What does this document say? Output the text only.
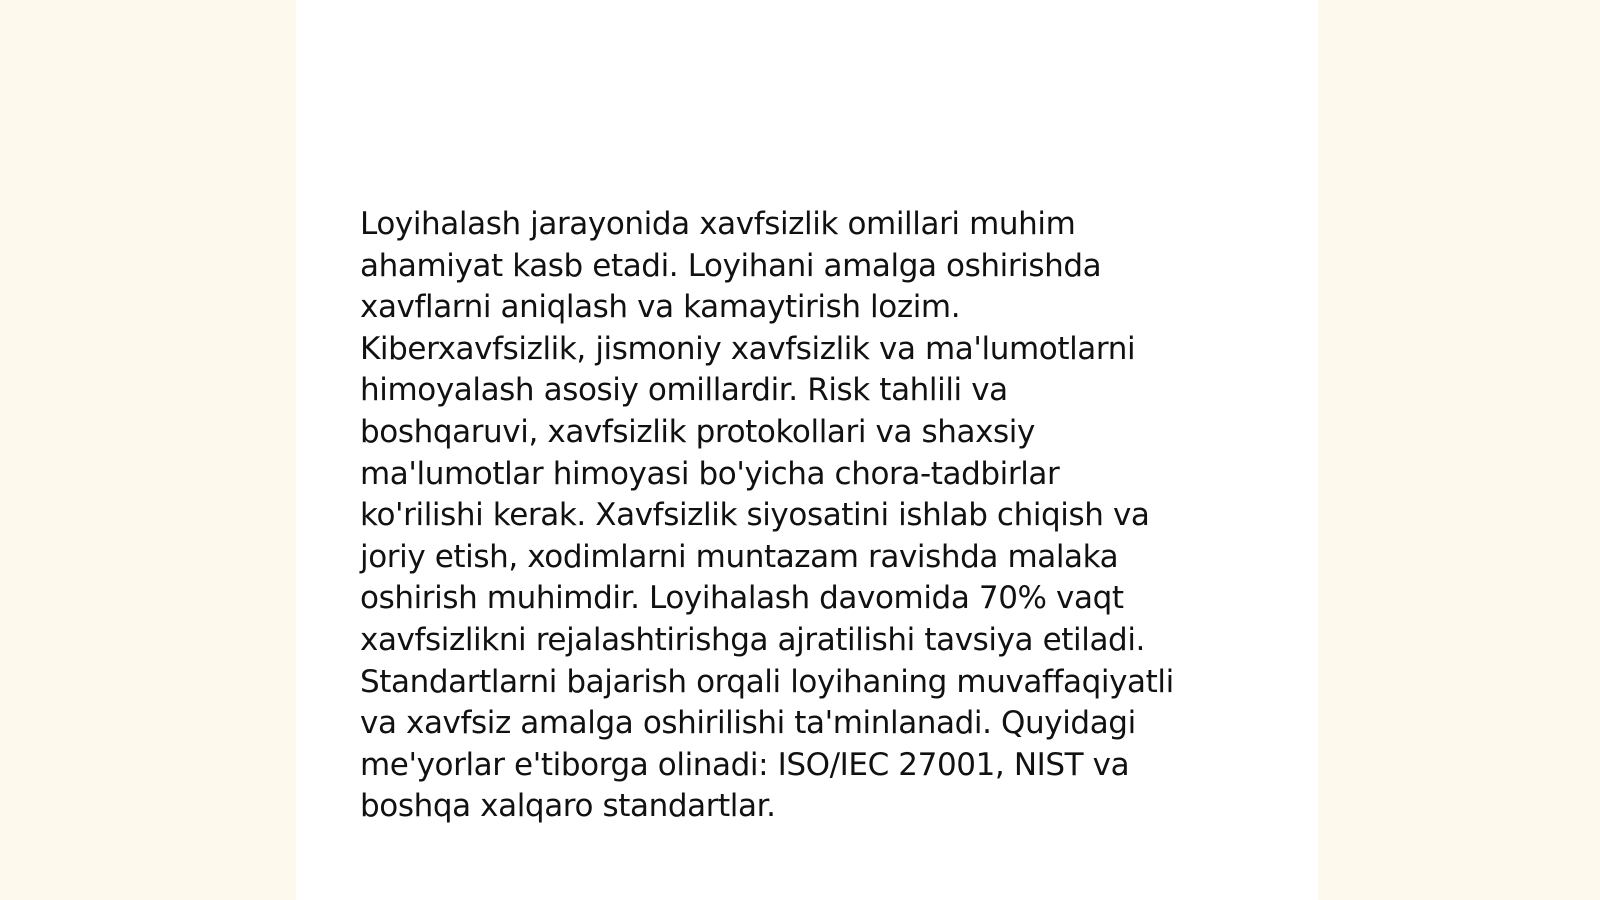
Loyihalash jarayonida xavfsizlik omillari muhim
ahamiyat kasb etadi. Loyihani amalga oshirishda
xavflarni aniqlash va kamaytirish lozim.
Kiberxavfsizlik, jismoniy xavfsizlik va ma'lumotlarni
himoyalash asosiy omillardir. Risk tahlili va
boshqaruvi, xavfsizlik protokollari va shaxsiy
ma'lumotlar himoyasi bo'yicha chora-tadbirlar
ko'rilishi kerak. Xavfsizlik siyosatini ishlab chiqish va
joriy etish, xodimlarni muntazam ravishda malaka
oshirish muhimdir. Loyihalash davomida 70% vaqt
xavfsizlikni rejalashtirishga ajratilishi tavsiya etiladi.
Standartlarni bajarish orqali loyihaning muvaffaqiyatli
va xavfsiz amalga oshirilishi ta'minlanadi. Quyidagi
me'yorlar e'tiborga olinadi: ISO/IEC 27001, NIST va
boshqa xalqaro standartlar.
